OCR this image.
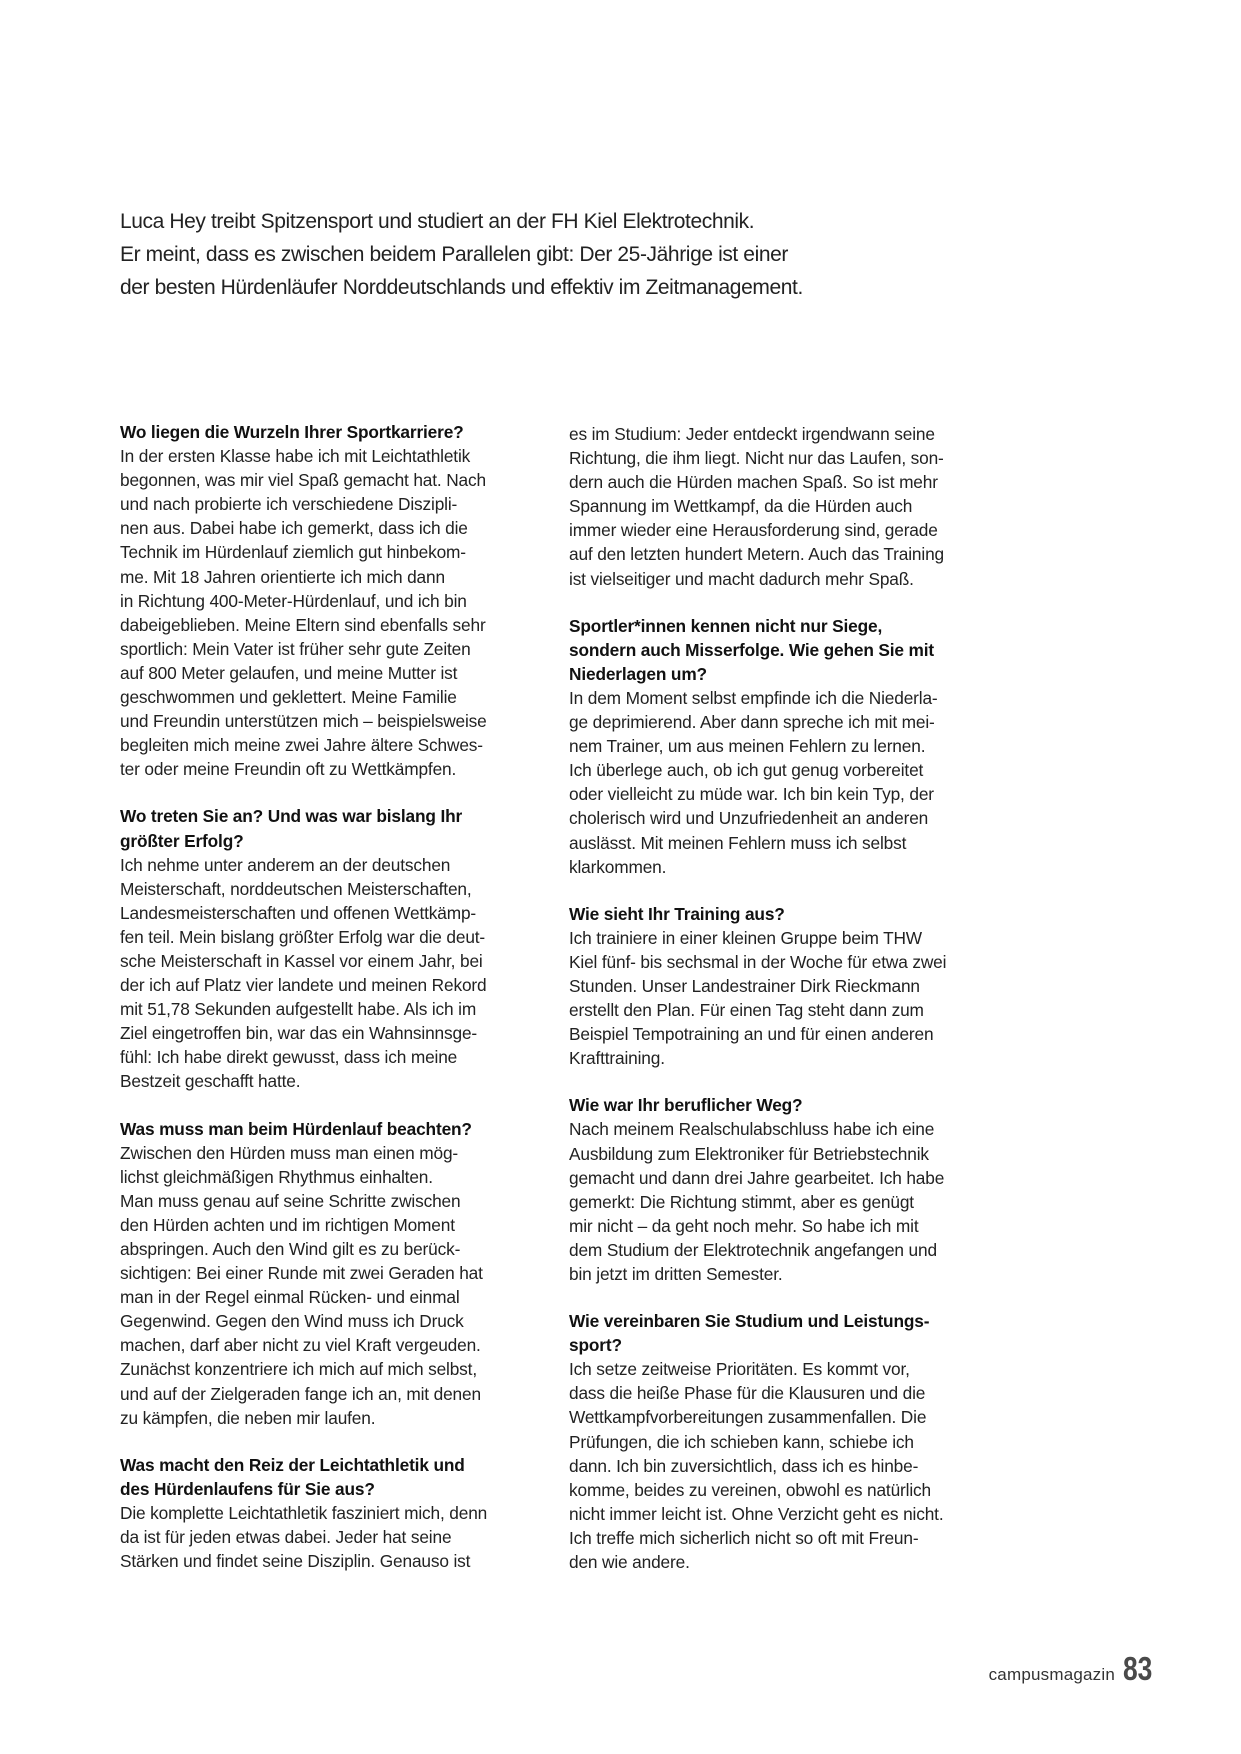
Luca Hey treibt Spitzensport und studiert an der FH Kiel Elektrotechnik.
Er meint, dass es zwischen beidem Parallelen gibt: Der 25-Jährige ist einer
der besten Hürdenläufer Norddeutschlands und effektiv im Zeitmanagement.
Wo liegen die Wurzeln Ihrer Sportkarriere?
In der ersten Klasse habe ich mit Leichtathletik
begonnen, was mir viel Spaß gemacht hat. Nach
und nach probierte ich verschiedene Diszipli-
nen aus. Dabei habe ich gemerkt, dass ich die
Technik im Hürdenlauf ziemlich gut hinbekom-
me. Mit 18 Jahren orientierte ich mich dann
in Richtung 400-Meter-Hürdenlauf, und ich bin
dabeigeblieben. Meine Eltern sind ebenfalls sehr
sportlich: Mein Vater ist früher sehr gute Zeiten
auf 800 Meter gelaufen, und meine Mutter ist
geschwommen und geklettert. Meine Familie
und Freundin unterstützen mich – beispielsweise
begleiten mich meine zwei Jahre ältere Schwes-
ter oder meine Freundin oft zu Wettkämpfen.
Wo treten Sie an? Und was war bislang Ihr
größter Erfolg?
Ich nehme unter anderem an der deutschen
Meisterschaft, norddeutschen Meisterschaften,
Landesmeisterschaften und offenen Wettkämp-
fen teil. Mein bislang größter Erfolg war die deut-
sche Meisterschaft in Kassel vor einem Jahr, bei
der ich auf Platz vier landete und meinen Rekord
mit 51,78 Sekunden aufgestellt habe. Als ich im
Ziel eingetroffen bin, war das ein Wahnsinnsge-
fühl: Ich habe direkt gewusst, dass ich meine
Bestzeit geschafft hatte.
Was muss man beim Hürdenlauf beachten?
Zwischen den Hürden muss man einen mög-
lichst gleichmäßigen Rhythmus einhalten.
Man muss genau auf seine Schritte zwischen
den Hürden achten und im richtigen Moment
abspringen. Auch den Wind gilt es zu berück-
sichtigen: Bei einer Runde mit zwei Geraden hat
man in der Regel einmal Rücken- und einmal
Gegenwind. Gegen den Wind muss ich Druck
machen, darf aber nicht zu viel Kraft vergeuden.
Zunächst konzentriere ich mich auf mich selbst,
und auf der Zielgeraden fange ich an, mit denen
zu kämpfen, die neben mir laufen.
Was macht den Reiz der Leichtathletik und
des Hürdenlaufens für Sie aus?
Die komplette Leichtathletik fasziniert mich, denn
da ist für jeden etwas dabei. Jeder hat seine
Stärken und findet seine Disziplin. Genauso ist
es im Studium: Jeder entdeckt irgendwann seine
Richtung, die ihm liegt. Nicht nur das Laufen, son-
dern auch die Hürden machen Spaß. So ist mehr
Spannung im Wettkampf, da die Hürden auch
immer wieder eine Herausforderung sind, gerade
auf den letzten hundert Metern. Auch das Training
ist vielseitiger und macht dadurch mehr Spaß.
Sportler*innen kennen nicht nur Siege,
sondern auch Misserfolge. Wie gehen Sie mit
Niederlagen um?
In dem Moment selbst empfinde ich die Niederla-
ge deprimierend. Aber dann spreche ich mit mei-
nem Trainer, um aus meinen Fehlern zu lernen.
Ich überlege auch, ob ich gut genug vorbereitet
oder vielleicht zu müde war. Ich bin kein Typ, der
cholerisch wird und Unzufriedenheit an anderen
auslässt. Mit meinen Fehlern muss ich selbst
klarkommen.
Wie sieht Ihr Training aus?
Ich trainiere in einer kleinen Gruppe beim THW
Kiel fünf- bis sechsmal in der Woche für etwa zwei
Stunden. Unser Landestrainer Dirk Rieckmann
erstellt den Plan. Für einen Tag steht dann zum
Beispiel Tempotraining an und für einen anderen
Krafttraining.
Wie war Ihr beruflicher Weg?
Nach meinem Realschulabschluss habe ich eine
Ausbildung zum Elektroniker für Betriebstechnik
gemacht und dann drei Jahre gearbeitet. Ich habe
gemerkt: Die Richtung stimmt, aber es genügt
mir nicht – da geht noch mehr. So habe ich mit
dem Studium der Elektrotechnik angefangen und
bin jetzt im dritten Semester.
Wie vereinbaren Sie Studium und Leistungs-
sport?
Ich setze zeitweise Prioritäten. Es kommt vor,
dass die heiße Phase für die Klausuren und die
Wettkampfvorbereitungen zusammenfallen. Die
Prüfungen, die ich schieben kann, schiebe ich
dann. Ich bin zuversichtlich, dass ich es hinbe-
komme, beides zu vereinen, obwohl es natürlich
nicht immer leicht ist. Ohne Verzicht geht es nicht.
Ich treffe mich sicherlich nicht so oft mit Freun-
den wie andere.
campusmagazin 83
